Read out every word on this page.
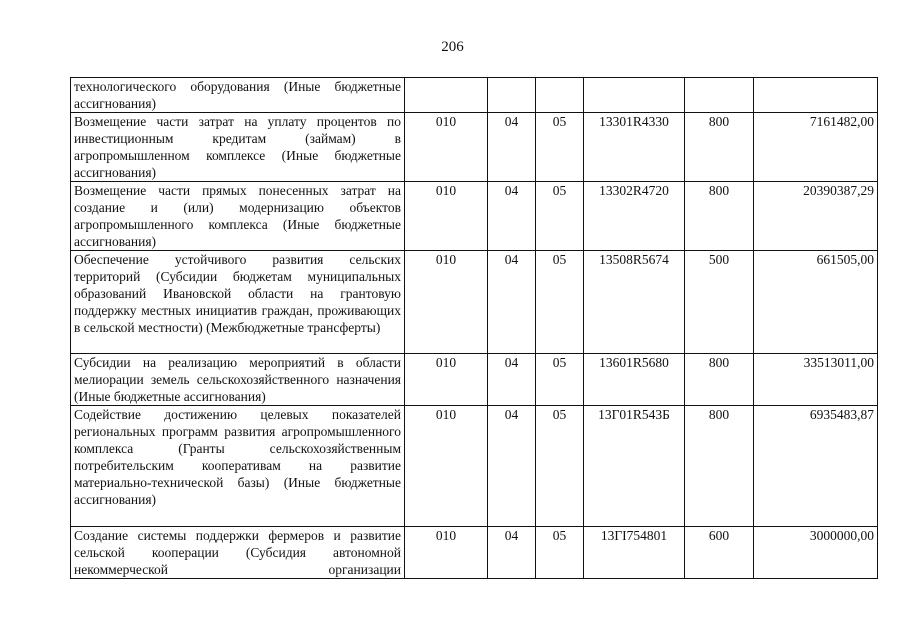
206
технологического оборудования (Иные бюджетные ассигнования)						
Возмещение части затрат на уплату процентов по инвестиционным кредитам (займам) в агропромышленном комплексе (Иные бюджетные ассигнования)	010	04	05	13301R4330	800	7161482,00
Возмещение части прямых понесенных затрат на создание и (или) модернизацию объектов агропромышленного комплекса (Иные бюджетные ассигнования)	010	04	05	13302R4720	800	20390387,29
Обеспечение устойчивого развития сельских территорий (Субсидии бюджетам муниципальных образований Ивановской области на грантовую поддержку местных инициатив граждан, проживающих в сельской местности) (Межбюджетные трансферты)	010	04	05	13508R5674	500	661505,00
Субсидии на реализацию мероприятий в области мелиорации земель сельскохозяйственного назначения (Иные бюджетные ассигнования)	010	04	05	13601R5680	800	33513011,00
Содействие достижению целевых показателей региональных программ развития агропромышленного комплекса (Гранты сельскохозяйственным потребительским кооперативам на развитие материально-технической базы) (Иные бюджетные ассигнования)	010	04	05	13Г01R543Б	800	6935483,87
Создание системы поддержки фермеров и развитие сельской кооперации (Субсидия автономной некоммерческой организации	010	04	05	13ГI754801	600	3000000,00
